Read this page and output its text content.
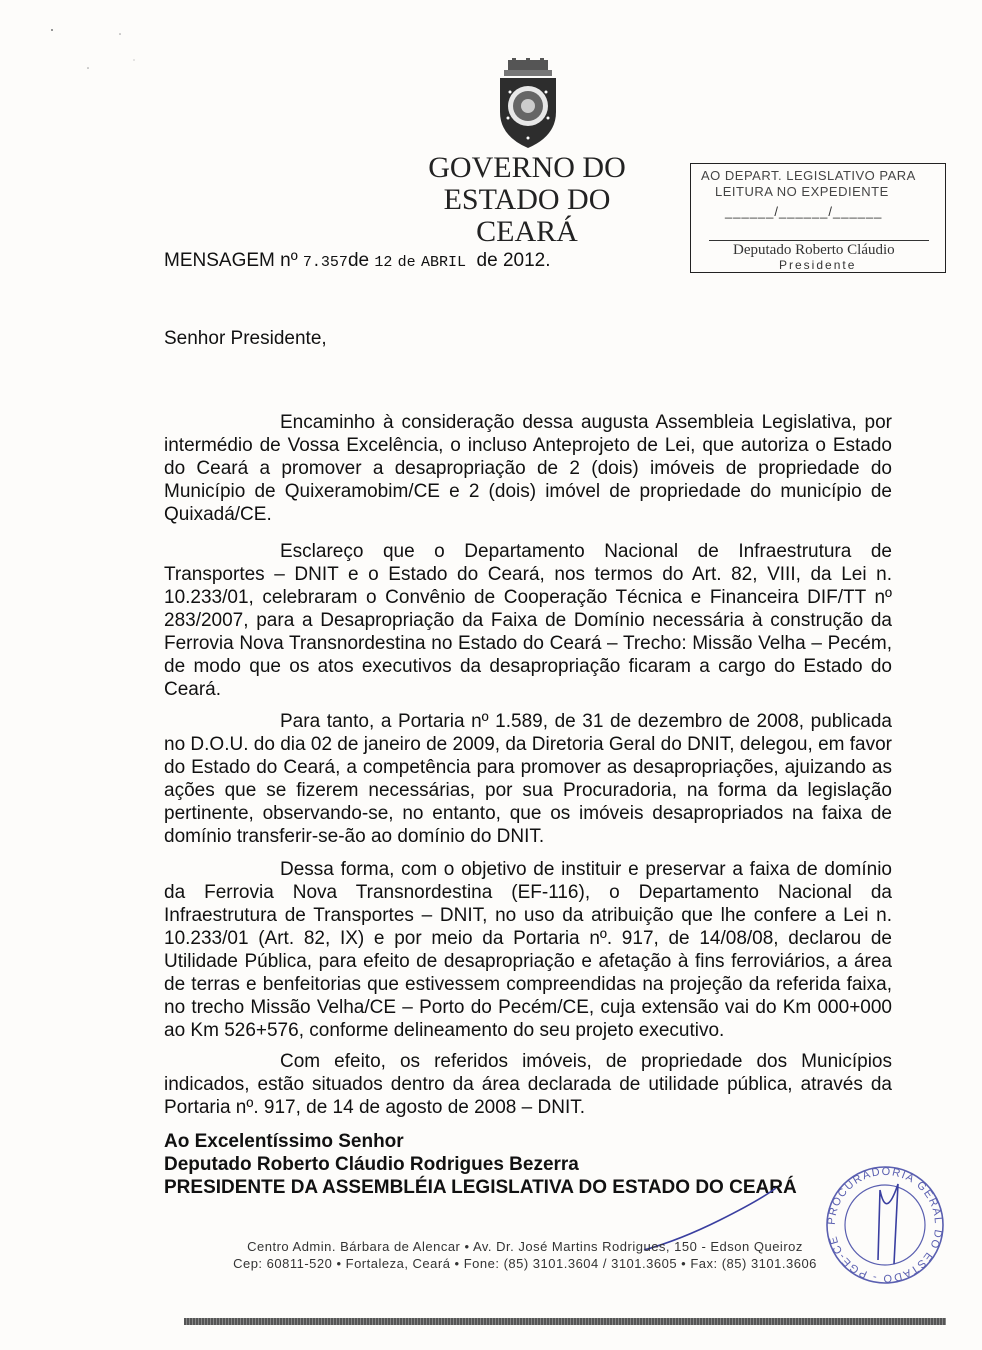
GOVERNO DO
ESTADO DO CEARÁ
AO DEPART. LEGISLATIVO PARA
LEITURA NO EXPEDIENTE
______/______/______
Deputado Roberto Cláudio
Presidente
MENSAGEM nº 7.357de 12 de ABRIL de 2012.
Senhor Presidente,
Encaminho à consideração dessa augusta Assembleia Legislativa, por intermédio de Vossa Excelência, o incluso Anteprojeto de Lei, que autoriza o Estado do Ceará a promover a desapropriação de 2 (dois) imóveis de propriedade do Município de Quixeramobim/CE e 2 (dois) imóvel de propriedade do município de Quixadá/CE.
Esclareço que o Departamento Nacional de Infraestrutura de Transportes – DNIT e o Estado do Ceará, nos termos do Art. 82, VIII, da Lei n. 10.233/01, celebraram o Convênio de Cooperação Técnica e Financeira DIF/TT nº 283/2007, para a Desapropriação da Faixa de Domínio necessária à construção da Ferrovia Nova Transnordestina no Estado do Ceará – Trecho: Missão Velha – Pecém, de modo que os atos executivos da desapropriação ficaram a cargo do Estado do Ceará.
Para tanto, a Portaria nº 1.589, de 31 de dezembro de 2008, publicada no D.O.U. do dia 02 de janeiro de 2009, da Diretoria Geral do DNIT, delegou, em favor do Estado do Ceará, a competência para promover as desapropriações, ajuizando as ações que se fizerem necessárias, por sua Procuradoria, na forma da legislação pertinente, observando-se, no entanto, que os imóveis desapropriados na faixa de domínio transferir-se-ão ao domínio do DNIT.
Dessa forma, com o objetivo de instituir e preservar a faixa de domínio da Ferrovia Nova Transnordestina (EF-116), o Departamento Nacional da Infraestrutura de Transportes – DNIT, no uso da atribuição que lhe confere a Lei n. 10.233/01 (Art. 82, IX) e por meio da Portaria nº. 917, de 14/08/08, declarou de Utilidade Pública, para efeito de desapropriação e afetação à fins ferroviários, a área de terras e benfeitorias que estivessem compreendidas na projeção da referida faixa, no trecho Missão Velha/CE – Porto do Pecém/CE, cuja extensão vai do Km 000+000 ao Km 526+576, conforme delineamento do seu projeto executivo.
Com efeito, os referidos imóveis, de propriedade dos Municípios indicados, estão situados dentro da área declarada de utilidade pública, através da Portaria nº. 917, de 14 de agosto de 2008 – DNIT.
Ao Excelentíssimo Senhor
Deputado Roberto Cláudio Rodrigues Bezerra
PRESIDENTE DA ASSEMBLÉIA LEGISLATIVA DO ESTADO DO CEARÁ
Centro Admin. Bárbara de Alencar • Av. Dr. José Martins Rodrigues, 150 - Edson Queiroz
Cep: 60811-520 • Fortaleza, Ceará • Fone: (85) 3101.3604 / 3101.3605 • Fax: (85) 3101.3606
PROCURADORIA GERAL DO ESTADO - PGE-CE
